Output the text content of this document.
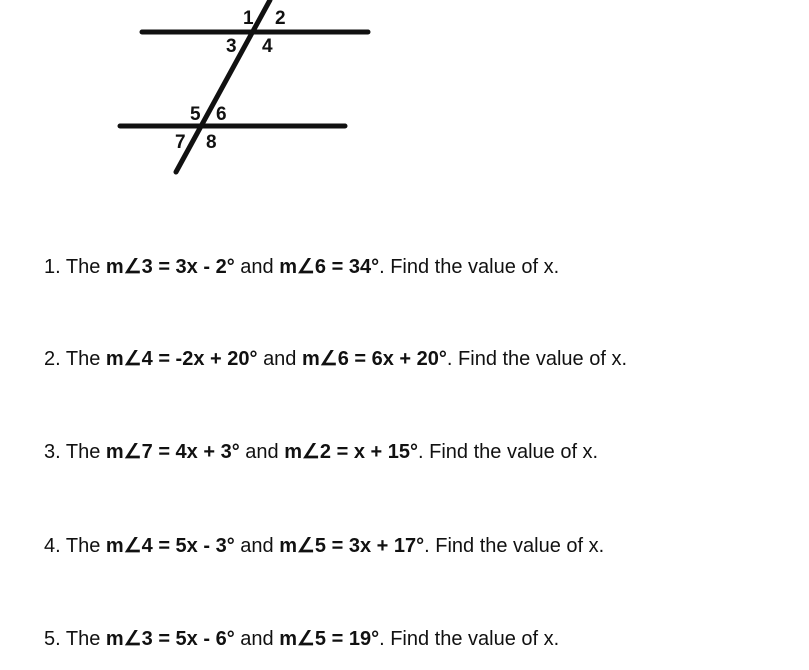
1 2
3 4
5 6
7 8
1. The m∠3 = 3x - 2° and m∠6 = 34°. Find the value of x.
2. The m∠4 = -2x + 20° and m∠6 = 6x + 20°. Find the value of x.
3. The m∠7 = 4x + 3° and m∠2 = x + 15°. Find the value of x.
4. The m∠4 = 5x - 3° and m∠5 = 3x + 17°. Find the value of x.
5. The m∠3 = 5x - 6° and m∠5 = 19°. Find the value of x.
